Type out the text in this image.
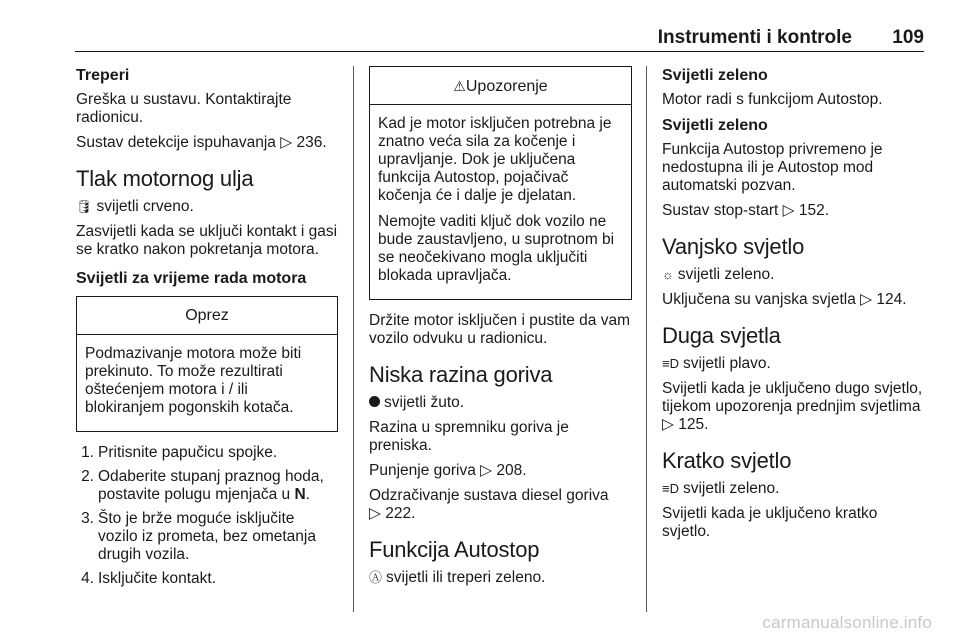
Instrumenti i kontrole 109
Treperi

Greška u sustavu. Kontaktirajte radionicu.

Sustav detekcije ispuhavanja ▷ 236.

Tlak motornog ulja

🛢︎ svijetli crveno.

Zasvijetli kada se uključi kontakt i gasi se kratko nakon pokretanja motora.

Svijetli za vrijeme rada motora
Oprez

Podmazivanje motora može biti prekinuto. To može rezultirati oštećenjem motora i / ili blokiranjem pogonskih kotača.

1. Pritisnite papučicu spojke.
2. Odaberite stupanj praznog hoda, postavite polugu mjenjača u N.
3. Što je brže moguće isključite vozilo iz prometa, bez ometanja drugih vozila.
4. Isključite kontakt.
⚠Upozorenje

Kad je motor isključen potrebna je znatno veća sila za kočenje i upravljanje. Dok je uključena funkcija Autostop, pojačivač kočenja će i dalje je djelatan.

Nemojte vaditi ključ dok vozilo ne bude zaustavljeno, u suprotnom bi se neočekivano mogla uključiti blokada upravljača.

Držite motor isključen i pustite da vam vozilo odvuku u radionicu.

Niska razina goriva

svijetli žuto.

Razina u spremniku goriva je preniska.

Punjenje goriva ▷ 208.

Odzračivanje sustava diesel goriva
▷ 222.

Funkcija Autostop

Ⓐ svijetli ili treperi zeleno.

Svijetli zeleno

Motor radi s funkcijom Autostop.

Svijetli zeleno

Funkcija Autostop privremeno je nedostupna ili je Autostop mod automatski pozvan.

Sustav stop-start ▷ 152.

Vanjsko svjetlo

☼ svijetli zeleno.

Uključena su vanjska svjetla ▷ 124.

Duga svjetla

≡D svijetli plavo.

Svijetli kada je uključeno dugo svjetlo, tijekom upozorenja prednjim svjetlima ▷ 125.

Kratko svjetlo

≡D svijetli zeleno.

Svijetli kada je uključeno kratko svjetlo.

carmanualsonline.info
